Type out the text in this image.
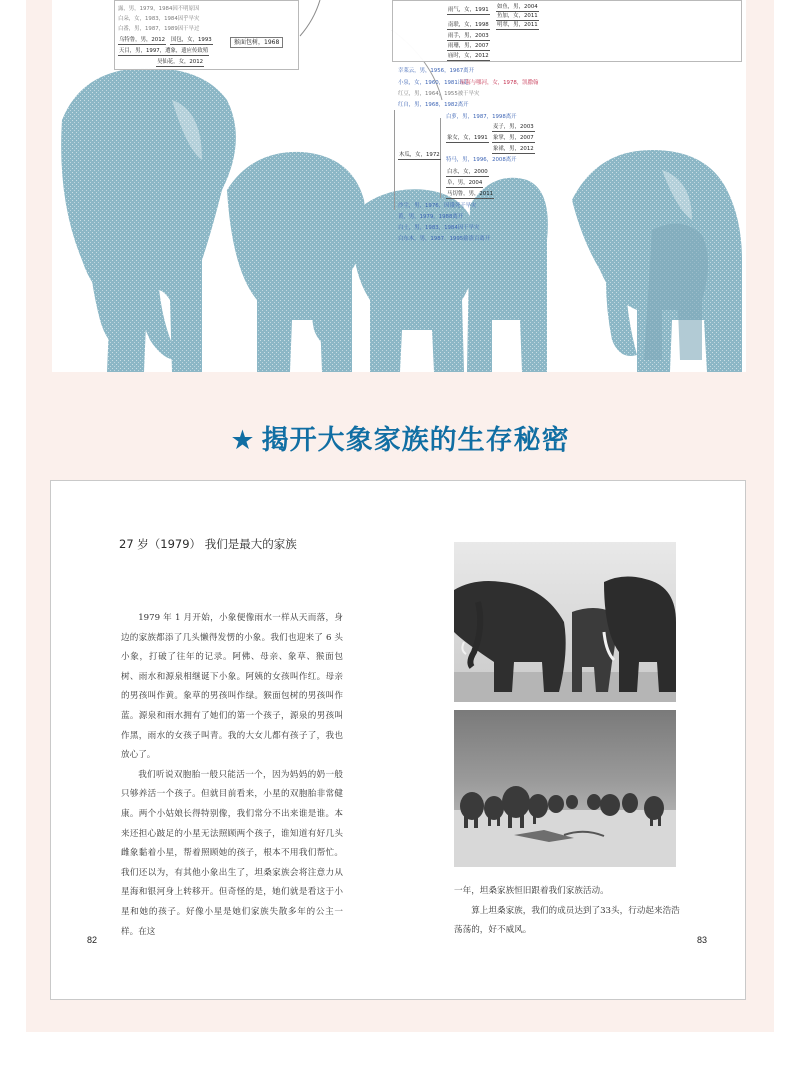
露，男，1979，1984因不明原因
白朵，女，1983，1984因乎旱灾
白番，男，1987，1989因干旱过
乌特鲁，男，2012 国包，女，1993
天目，男，1997，遭象，遗应传致殖
昊仙花，女，2012
猴面包树，1968
如鱼，男，2004
雨气，女，1991
鱼加，女，2011
南联，女，1998 明翠，男，2011
雨手，男，2003
雨珊，男，2007
庙时，女，2012
幸莱云，男，1956，1967离开
小泉，女，1960，1981出走
屋海与哪河，女，1978，凯撒翰
红豆，男，1964，1955被干旱灾
红自，男，1968，1982离开
木瓜，女，1972
白萝，男，1987，1998离开
麦子，男，2003
象女，女，1991 象掌，男，2007
象裙，男，2012
特马，男，1996，2008离开
白水，女，2000
阜，男，2004
马切鲁，男，2011
沙尘，男，1976，因饿死于旱灾
黄，男，1979，1988离开
白土，男，1983，1984因干旱灾
白东木，男，1987，1995偷盗百离开
★ 揭开大象家族的生存秘密
27 岁（1979） 我们是最大的家族

1979 年 1 月开始，小象便像雨水一样从天而落，身边的家族都添了几头懒得发愣的小象。我们也迎来了 6 头小象，打破了往年的记录。阿佛、母亲、象草、猴面包树、雨水和源泉相继诞下小象。阿姨的女孩叫作红。母亲的男孩叫作黄。象草的男孩叫作绿。猴面包树的男孩叫作蓝。源泉和雨水拥有了她们的第一个孩子，源泉的男孩叫作黑，雨水的女孩子叫青。我的大女儿都有孩子了，我也放心了。

我们听说双胞胎一般只能活一个，因为妈妈的奶一般只够养活一个孩子。但就目前看来，小星的双胞胎非常健康。两个小姑娘长得特别像，我们常分不出来谁是谁。本来还担心跛足的小星无法照顾两个孩子，谁知道有好几头雌象黏着小星，帮着照顾她的孩子，根本不用我们帮忙。我们还以为，有其他小象出生了，坦桑家族会将注意力从星海和银河身上转移开。但奇怪的是，她们就是看这于小星和她的孩子。好像小星是她们家族失散多年的公主一样。在这

82	83

一年，坦桑家族恒旧跟着我们家族活动。

算上坦桑家族，我们的成员达到了33头，行动起来浩浩荡荡的，好不威风。
